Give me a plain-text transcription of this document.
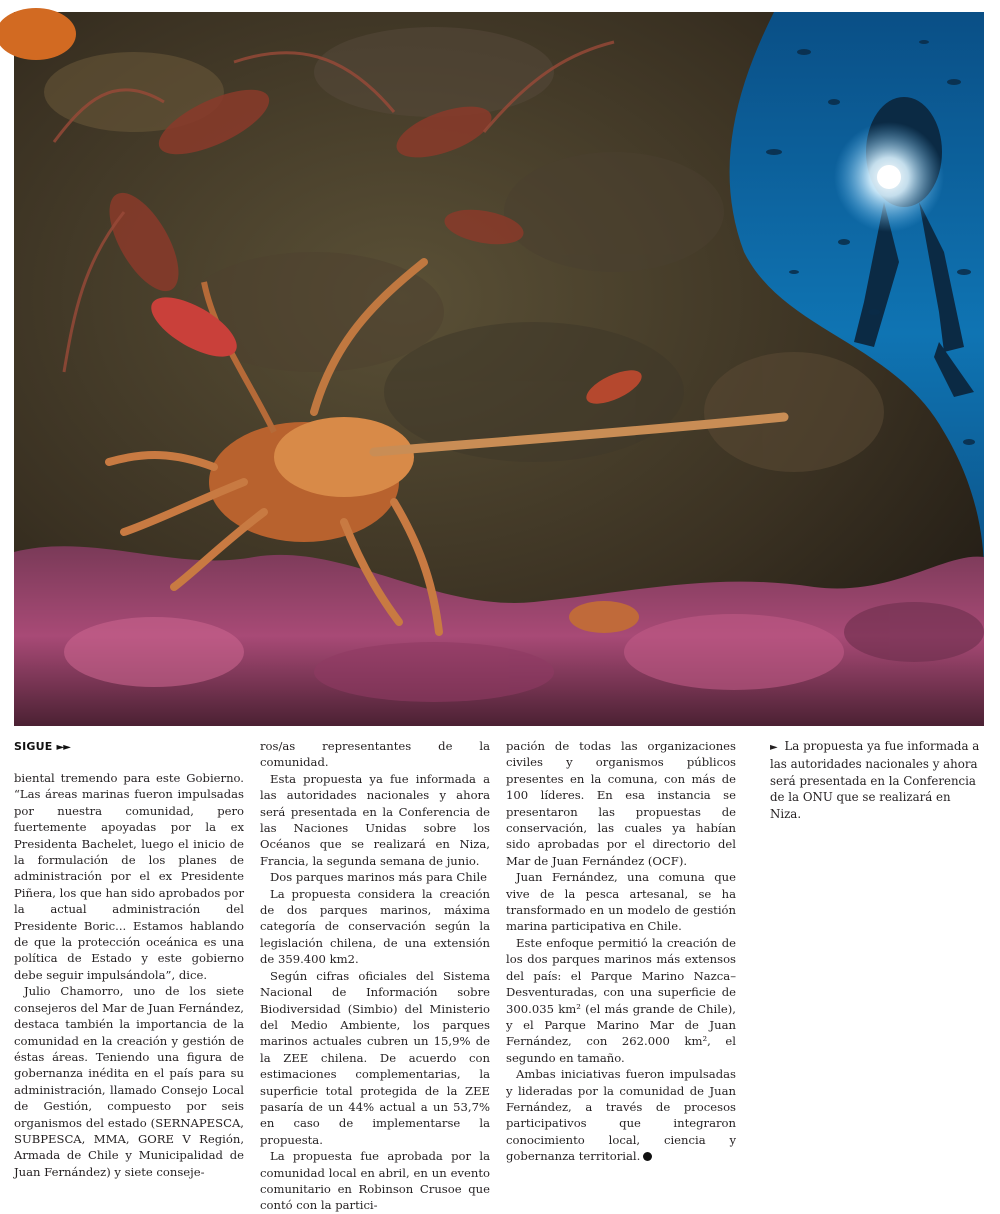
SIGUE ►►

biental tremendo para este Gobierno. “Las áreas marinas fueron impulsadas por nuestra comunidad, pero fuertemente apoyadas por la ex Presidenta Bachelet, luego el inicio de la formulación de los planes de administración por el ex Presidente Piñera, los que han sido aprobados por la actual administración del Presidente Boric... Estamos hablando de que la protección oceánica es una política de Estado y este gobierno debe seguir impulsándola”, dice.

Julio Chamorro, uno de los siete consejeros del Mar de Juan Fernández, destaca también la importancia de la comunidad en la creación y gestión de éstas áreas. Teniendo una figura de gobernanza inédita en el país para su administración, llamado Consejo Local de Gestión, compuesto por seis organismos del estado (SERNAPESCA, SUBPESCA, MMA, GORE V Región, Armada de Chile y Municipalidad de Juan Fernández) y siete conseje-

ros/as representantes de la comunidad.

Esta propuesta ya fue informada a las autoridades nacionales y ahora será presentada en la Conferencia de las Naciones Unidas sobre los Océanos que se realizará en Niza, Francia, la segunda semana de junio.

Dos parques marinos más para Chile

La propuesta considera la creación de dos parques marinos, máxima categoría de conservación según la legislación chilena, de una extensión de 359.400 km2.

Según cifras oficiales del Sistema Nacional de Información sobre Biodiversidad (Simbio) del Ministerio del Medio Ambiente, los parques marinos actuales cubren un 15,9% de la ZEE chilena. De acuerdo con estimaciones complementarias, la superficie total protegida de la ZEE pasaría de un 44% actual a un 53,7% en caso de implementarse la propuesta.

La propuesta fue aprobada por la comunidad local en abril, en un evento comunitario en Robinson Crusoe que contó con la partici-

pación de todas las organizaciones civiles y organismos públicos presentes en la comuna, con más de 100 líderes. En esa instancia se presentaron las propuestas de conservación, las cuales ya habían sido aprobadas por el directorio del Mar de Juan Fernández (OCF).

Juan Fernández, una comuna que vive de la pesca artesanal, se ha transformado en un modelo de gestión marina participativa en Chile.

Este enfoque permitió la creación de los dos parques marinos más extensos del país: el Parque Marino Nazca–Desventuradas, con una superficie de 300.035 km² (el más grande de Chile), y el Parque Marino Mar de Juan Fernández, con 262.000 km², el segundo en tamaño.

Ambas iniciativas fueron impulsadas y lideradas por la comunidad de Juan Fernández, a través de procesos participativos que integraron conocimiento local, ciencia y gobernanza territorial.

► La propuesta ya fue informada a las autoridades nacionales y ahora será presentada en la Conferencia de la ONU que se realizará en Niza.
